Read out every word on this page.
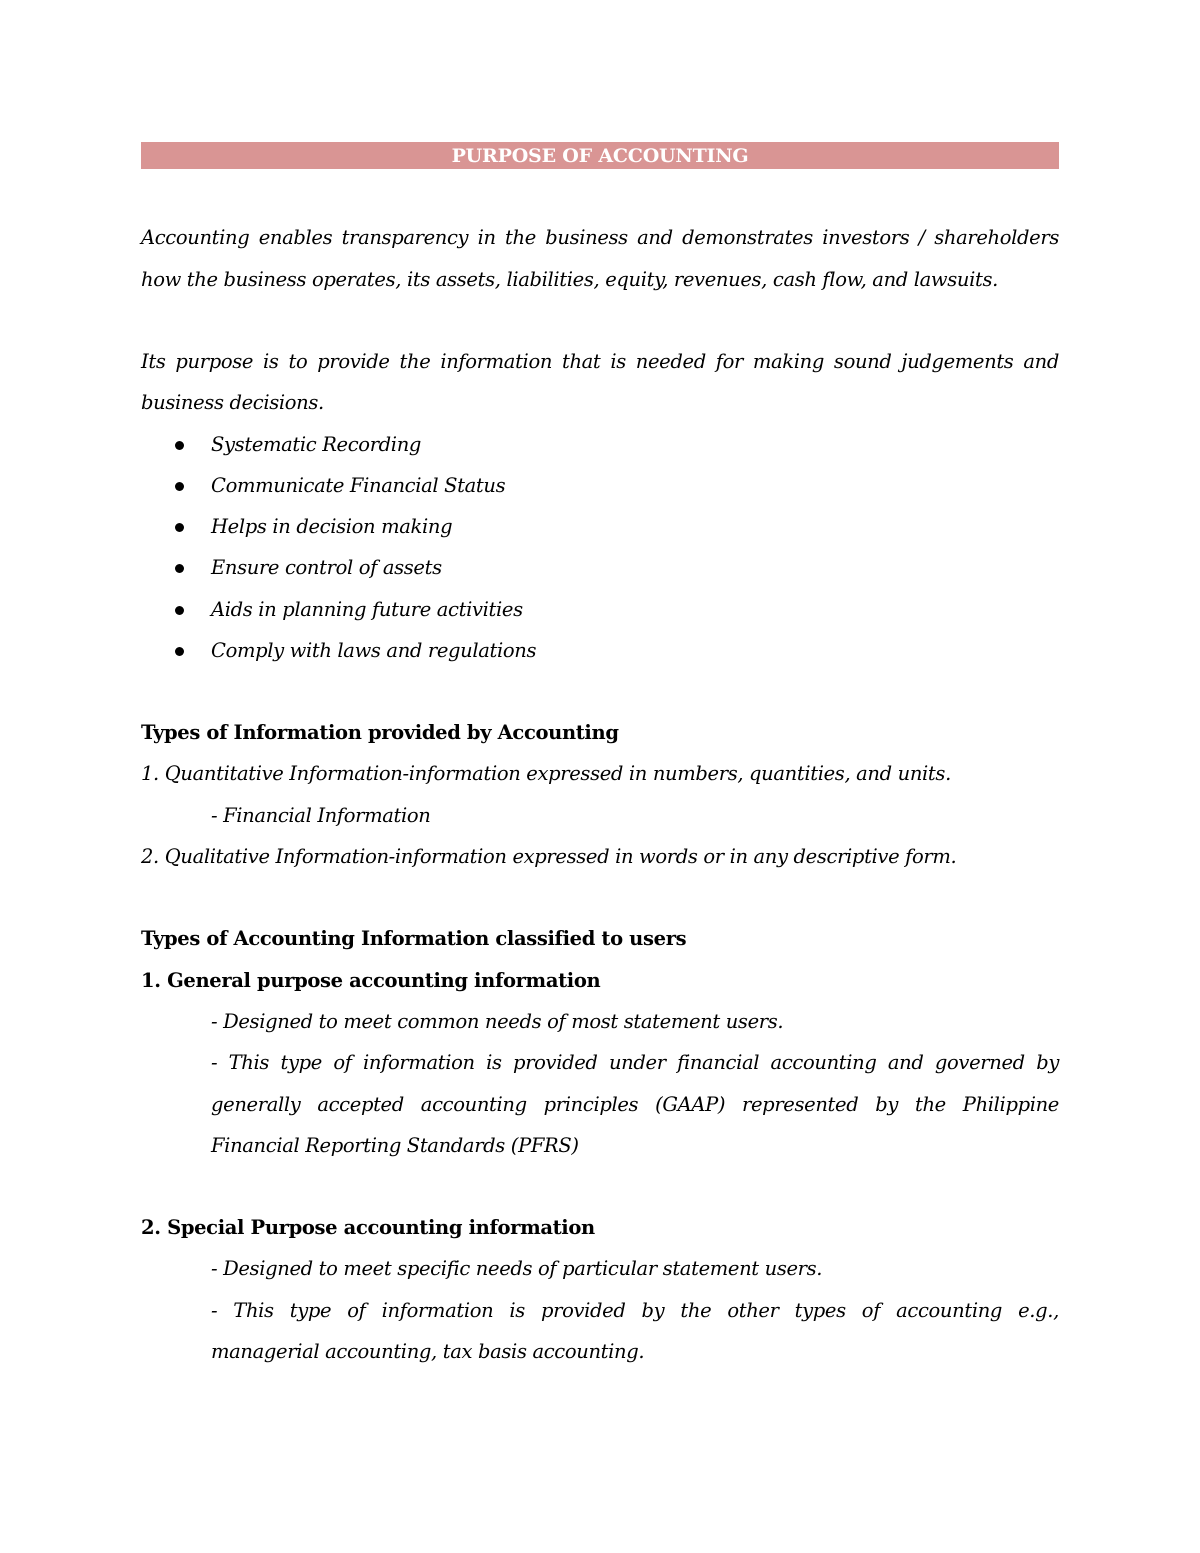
PURPOSE OF ACCOUNTING
Accounting enables transparency in the business and demonstrates investors / shareholders
how the business operates, its assets, liabilities, equity, revenues, cash flow, and lawsuits.
Its purpose is to provide the information that is needed for making sound judgements and
business decisions.
Systematic Recording
Communicate Financial Status
Helps in decision making
Ensure control of assets
Aids in planning future activities
Comply with laws and regulations
Types of Information provided by Accounting
1. Quantitative Information-information expressed in numbers, quantities, and units.
- Financial Information
2. Qualitative Information-information expressed in words or in any descriptive form.
Types of Accounting Information classified to users
1. General purpose accounting information
- Designed to meet common needs of most statement users.
- This type of information is provided under financial accounting and governed by
generally accepted accounting principles (GAAP) represented by the Philippine
Financial Reporting Standards (PFRS)
2. Special Purpose accounting information
- Designed to meet specific needs of particular statement users.
- This type of information is provided by the other types of accounting e.g.,
managerial accounting, tax basis accounting.
